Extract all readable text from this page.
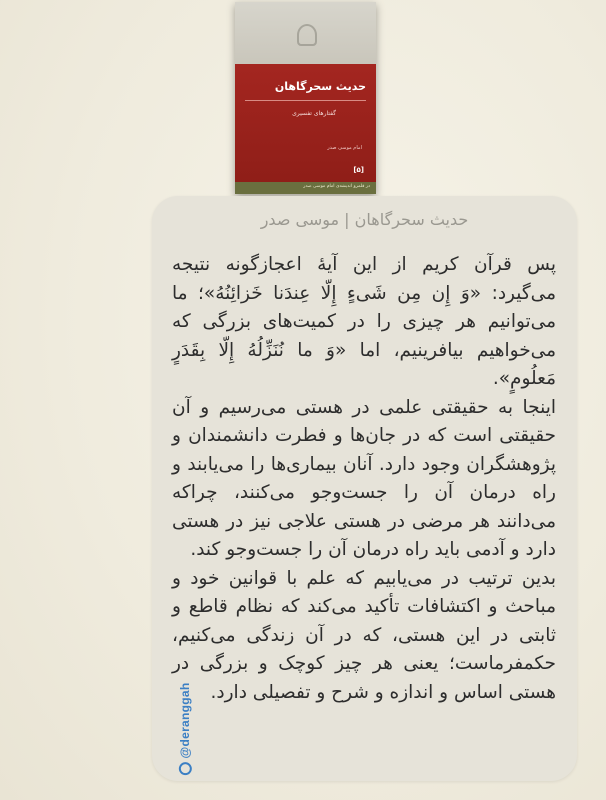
حدیث سحرگاهان
گفتارهای تفسیری
امام موسی صدر
[۵]
در قلمرو اندیشه‌ی امام موسی صدر
حدیث سحرگاهان | موسی صدر

پس قرآن کریم از این آیهٔ اعجازگونه نتیجه می‌گیرد: «وَ إِن مِن شَیءٍ إِلّا عِندَنا خَزائِنُهُ»؛ ما می‌توانیم هر چیزی را در کمیت‌های بزرگی که می‌خواهیم بیافرینیم، اما «وَ ما نُنَزِّلُهُ إِلّا بِقَدَرٍ مَعلُومٍ».

اینجا به حقیقتی علمی در هستی می‌رسیم و آن حقیقتی است که در جان‌ها و فطرت دانشمندان و پژوهشگران وجود دارد. آنان بیماری‌ها را می‌یابند و راه درمان آن را جست‌وجو می‌کنند، چراکه می‌دانند هر مرضی در هستی علاجی نیز در هستی دارد و آدمی باید راه درمان آن را جست‌وجو کند.

بدین ترتیب در می‌یابیم که علم با قوانین خود و مباحث و اکتشافات تأکید می‌کند که نظام قاطع و ثابتی در این هستی، که در آن زندگی می‌کنیم، حکمفرماست؛ یعنی هر چیز کوچک و بزرگی در هستی اساس و اندازه و شرح و تفصیلی دارد.

@deranggah
